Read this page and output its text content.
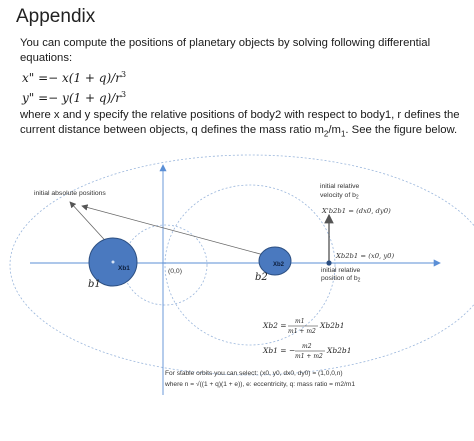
Appendix
You can compute the positions of planetary objects by solving following differential
equations:
x" =− $x(1 + q)/r^3$
y" =− $y(1 + q)/r^3$
where x and y specify the relative positions of body2 with respect to body1, r defines the
current distance between objects, q defines the mass ratio $m_2/m_1$. See the figure below.
initial absolute positions
initial relative
velocity of $b_2$
X'b2b1 = (dx0, dy0)
Xb2b1 = (x0, y0)
initial relative
position of $b_2$
(0,0)
Xb1	Xb2
b1
b2
Xb2 = m1
m1 + m2
Xb2b1
Xb1 = − m2
m1 + m2
Xb2b1
For stable orbits you can select: (x0, y0, dx0, dy0) = (1,0,0,n)
where n = √((1 + q)(1 + e)), e: eccentricity, q: mass ratio = m2/m1
